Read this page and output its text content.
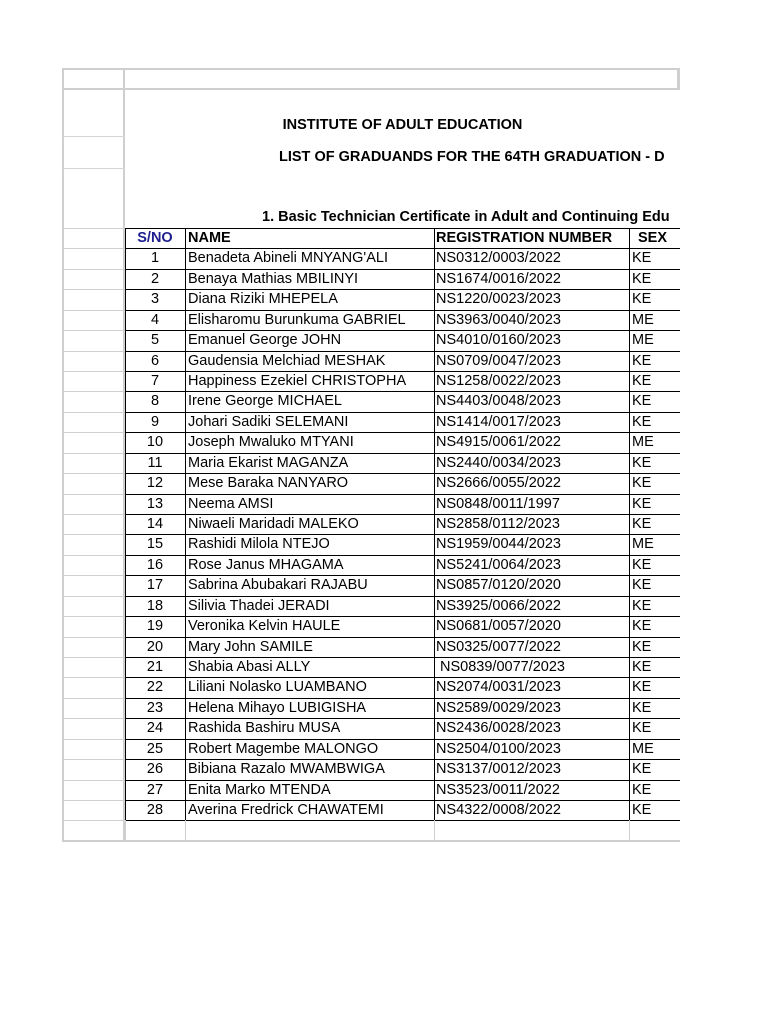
INSTITUTE OF ADULT EDUCATION
LIST OF GRADUANDS FOR THE 64TH GRADUATION - D
1. Basic Technician Certificate in Adult and Continuing Edu
S/NO	NAME	REGISTRATION NUMBER	SEX
1	Benadeta Abineli MNYANG'ALI	NS0312/0003/2022	KE
2	Benaya Mathias MBILINYI	NS1674/0016/2022	KE
3	Diana Riziki MHEPELA	NS1220/0023/2023	KE
4	Elisharomu Burunkuma GABRIEL	NS3963/0040/2023	ME
5	Emanuel George JOHN	NS4010/0160/2023	ME
6	Gaudensia Melchiad MESHAK	NS0709/0047/2023	KE
7	Happiness Ezekiel CHRISTOPHA	NS1258/0022/2023	KE
8	Irene George MICHAEL	NS4403/0048/2023	KE
9	Johari Sadiki SELEMANI	NS1414/0017/2023	KE
10	Joseph Mwaluko MTYANI	NS4915/0061/2022	ME
11	Maria Ekarist MAGANZA	NS2440/0034/2023	KE
12	Mese Baraka NANYARO	NS2666/0055/2022	KE
13	Neema AMSI	NS0848/0011/1997	KE
14	Niwaeli Maridadi MALEKO	NS2858/0112/2023	KE
15	Rashidi Milola NTEJO	NS1959/0044/2023	ME
16	Rose Janus MHAGAMA	NS5241/0064/2023	KE
17	Sabrina Abubakari RAJABU	NS0857/0120/2020	KE
18	Silivia Thadei JERADI	NS3925/0066/2022	KE
19	Veronika Kelvin HAULE	NS0681/0057/2020	KE
20	Mary John SAMILE	NS0325/0077/2022	KE
21	Shabia Abasi ALLY	NS0839/0077/2023	KE
22	Liliani Nolasko LUAMBANO	NS2074/0031/2023	KE
23	Helena Mihayo LUBIGISHA	NS2589/0029/2023	KE
24	Rashida Bashiru MUSA	NS2436/0028/2023	KE
25	Robert Magembe MALONGO	NS2504/0100/2023	ME
26	Bibiana Razalo MWAMBWIGA	NS3137/0012/2023	KE
27	Enita Marko MTENDA	NS3523/0011/2022	KE
28	Averina Fredrick CHAWATEMI	NS4322/0008/2022	KE
